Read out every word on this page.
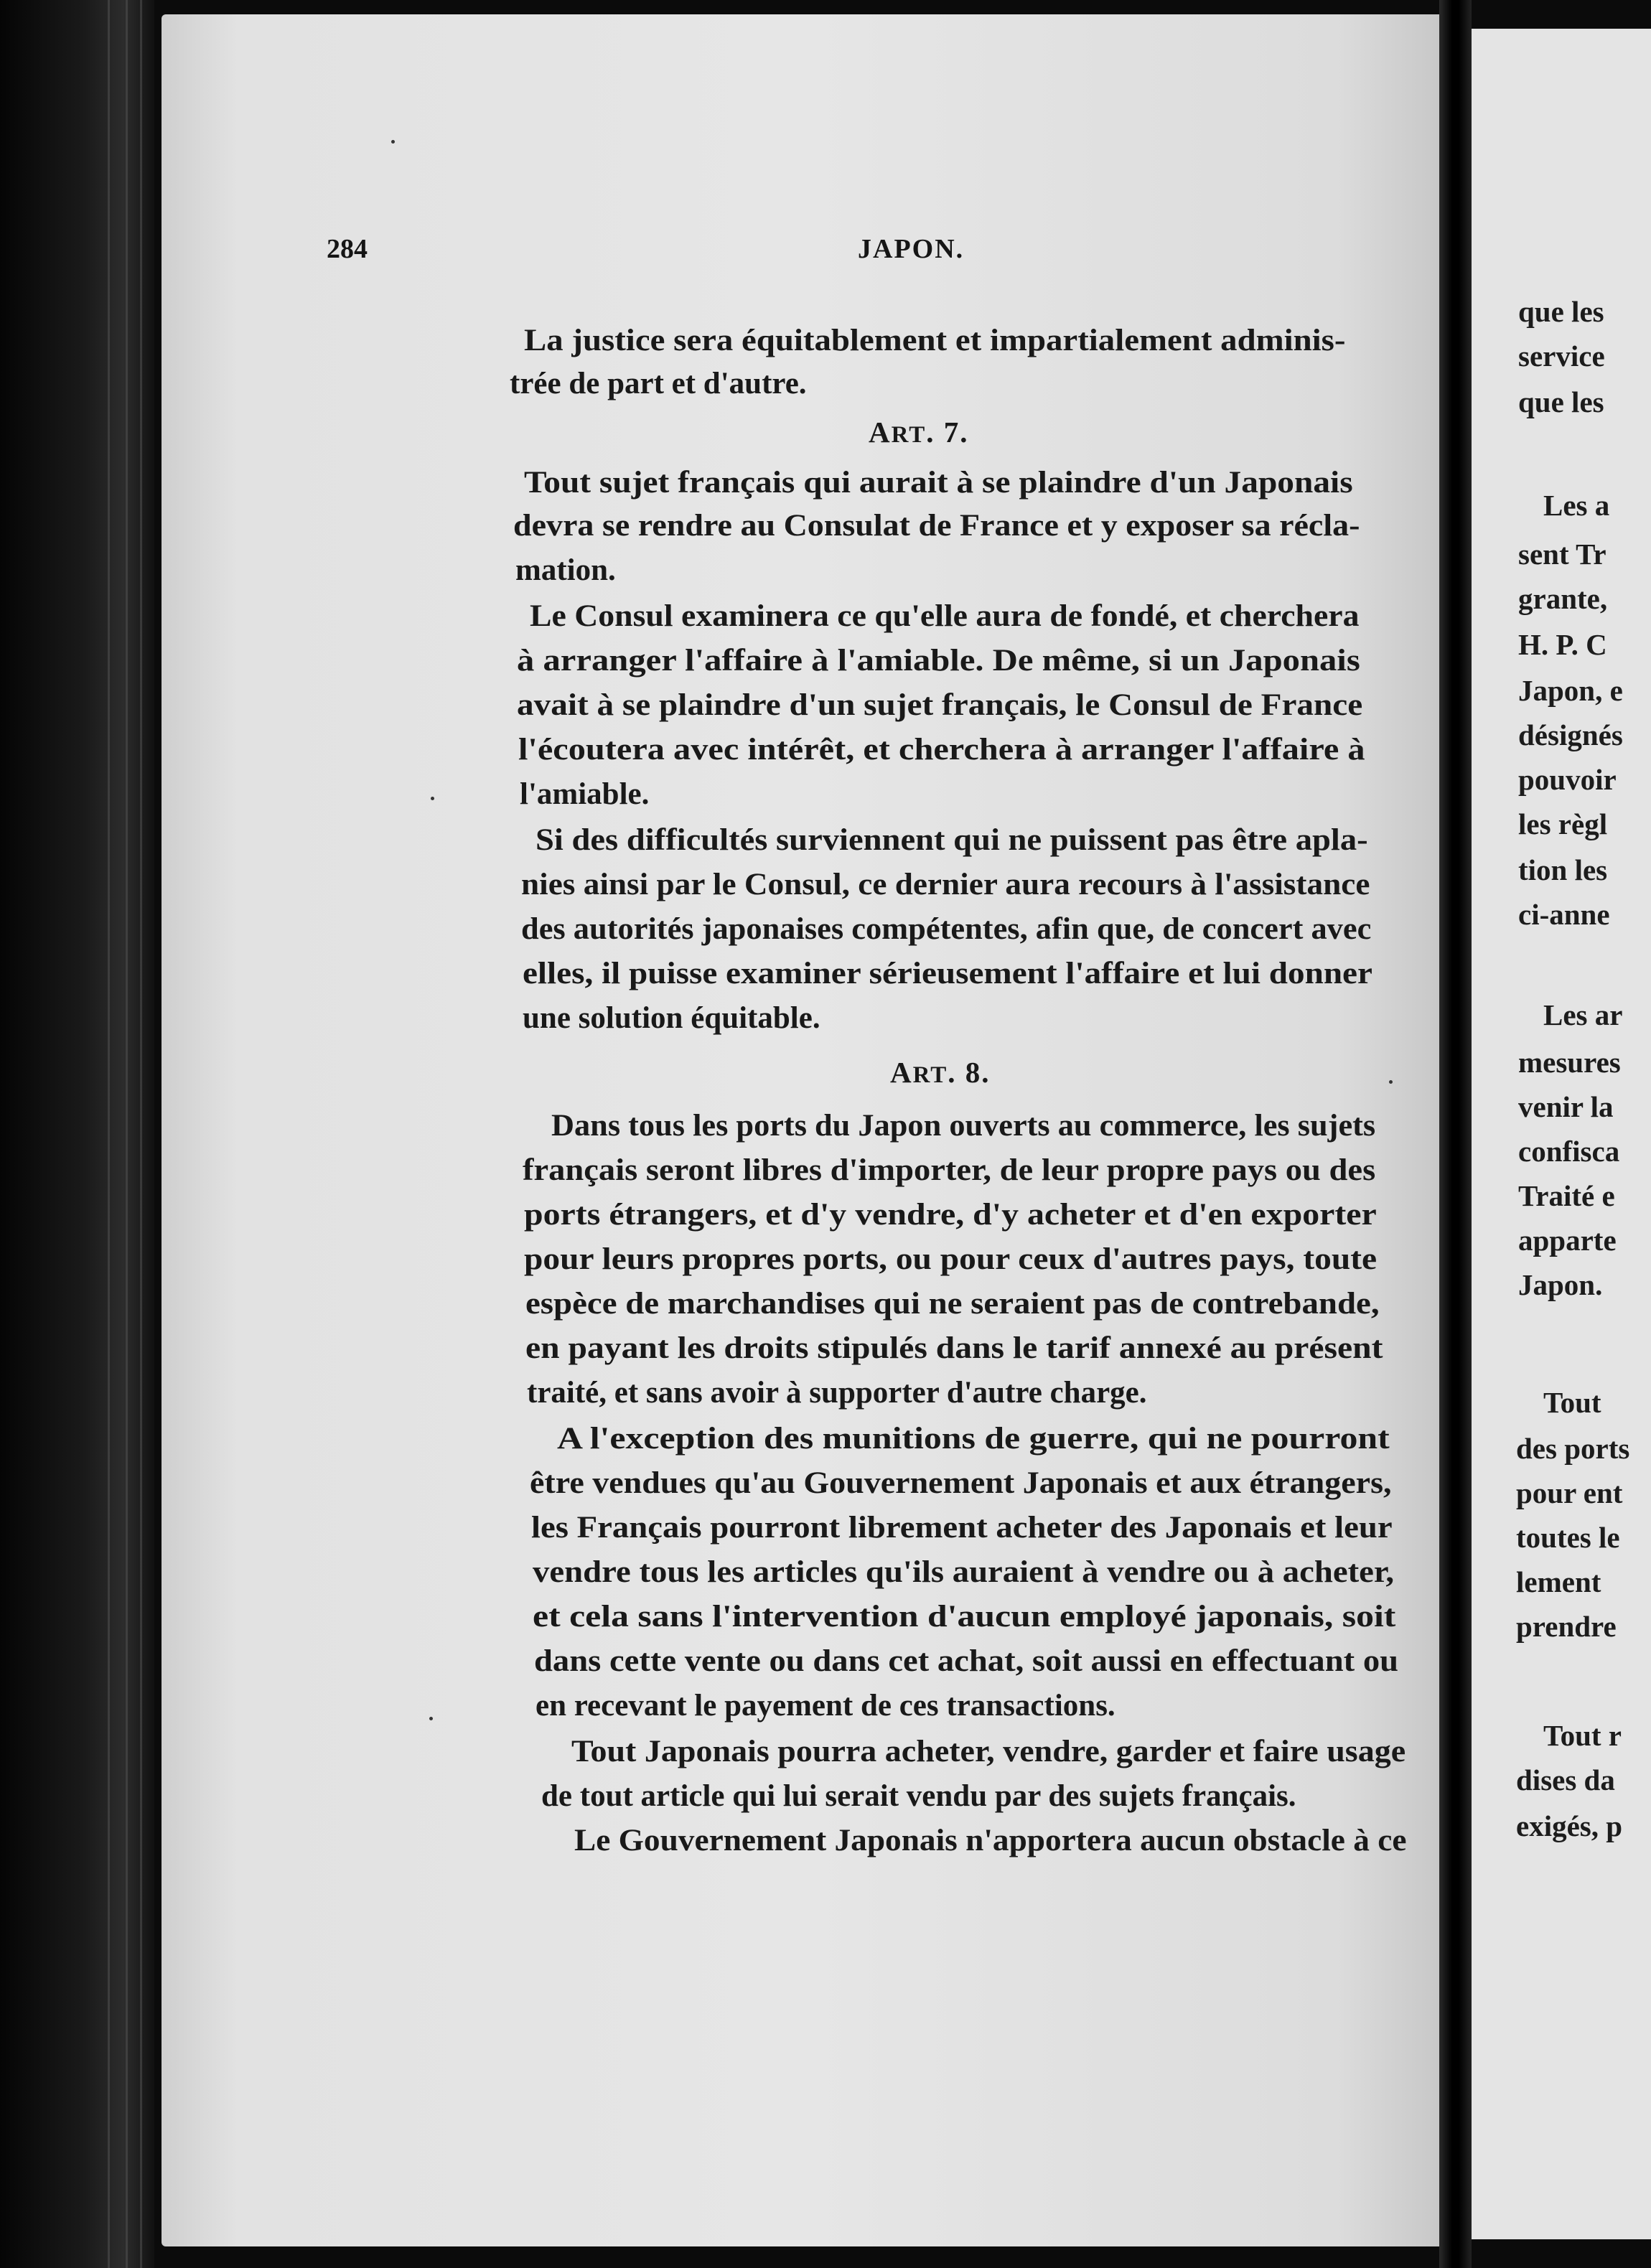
que les
service
que les
Les a
sent Tr
grante,
H. P. C
Japon, e
désignés
pouvoir
les règl
tion les
ci-anne
Les ar
mesures
venir la
confisca
Traité e
apparte
Japon.
Tout
des ports
pour ent
toutes le
lement
prendre
Tout r
dises da
exigés, p
284	JAPON.
La justice sera équitablement et impartialement adminis-
trée de part et d'autre.
ART. 7.
Tout sujet français qui aurait à se plaindre d'un Japonais
devra se rendre au Consulat de France et y exposer sa récla-
mation.
Le Consul examinera ce qu'elle aura de fondé, et cherchera
à arranger l'affaire à l'amiable. De même, si un Japonais
avait à se plaindre d'un sujet français, le Consul de France
l'écoutera avec intérêt, et cherchera à arranger l'affaire à
l'amiable.
Si des difficultés surviennent qui ne puissent pas être apla-
nies ainsi par le Consul, ce dernier aura recours à l'assistance
des autorités japonaises compétentes, afin que, de concert avec
elles, il puisse examiner sérieusement l'affaire et lui donner
une solution équitable.
ART. 8.
Dans tous les ports du Japon ouverts au commerce, les sujets
français seront libres d'importer, de leur propre pays ou des
ports étrangers, et d'y vendre, d'y acheter et d'en exporter
pour leurs propres ports, ou pour ceux d'autres pays, toute
espèce de marchandises qui ne seraient pas de contrebande,
en payant les droits stipulés dans le tarif annexé au présent
traité, et sans avoir à supporter d'autre charge.
A l'exception des munitions de guerre, qui ne pourront
être vendues qu'au Gouvernement Japonais et aux étrangers,
les Français pourront librement acheter des Japonais et leur
vendre tous les articles qu'ils auraient à vendre ou à acheter,
et cela sans l'intervention d'aucun employé japonais, soit
dans cette vente ou dans cet achat, soit aussi en effectuant ou
en recevant le payement de ces transactions.
Tout Japonais pourra acheter, vendre, garder et faire usage
de tout article qui lui serait vendu par des sujets français.
Le Gouvernement Japonais n'apportera aucun obstacle à ce
